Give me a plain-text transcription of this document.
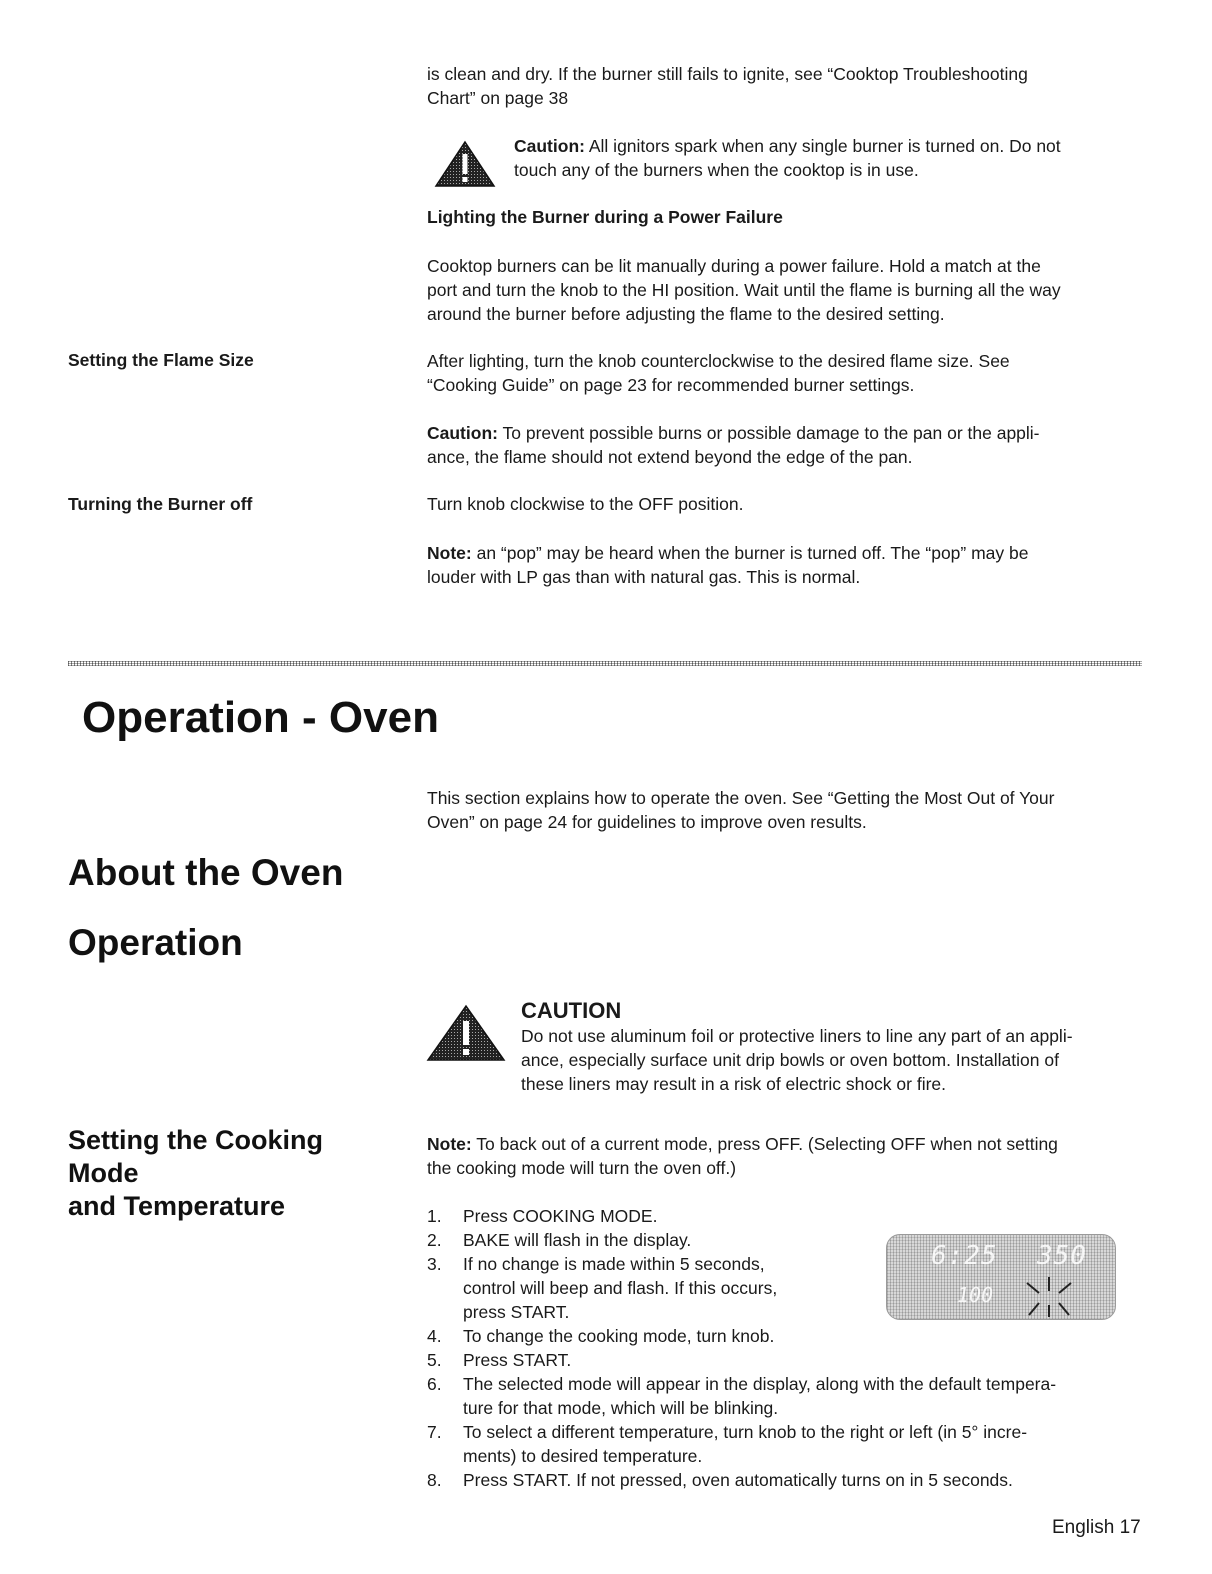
is clean and dry. If the burner still fails to ignite, see “Cooktop Troubleshooting
Chart” on page 38
Caution: All ignitors spark when any single burner is turned on. Do not
touch any of the burners when the cooktop is in use.
Lighting the Burner during a Power Failure
Cooktop burners can be lit manually during a power failure. Hold a match at the
port and turn the knob to the HI position. Wait until the flame is burning all the way
around the burner before adjusting the flame to the desired setting.
Setting the Flame Size	After lighting, turn the knob counterclockwise to the desired flame size. See
“Cooking Guide” on page 23 for recommended burner settings.
Caution: To prevent possible burns or possible damage to the pan or the appli-
ance, the flame should not extend beyond the edge of the pan.
Turning the Burner off	Turn knob clockwise to the OFF position.
Note: an “pop” may be heard when the burner is turned off. The “pop” may be
louder with LP gas than with natural gas. This is normal.
Operation - Oven
This section explains how to operate the oven. See “Getting the Most Out of Your
Oven” on page 24 for guidelines to improve oven results.
About the Oven
Operation
CAUTION
Do not use aluminum foil or protective liners to line any part of an appli-
ance, especially surface unit drip bowls or oven bottom. Installation of
these liners may result in a risk of electric shock or fire.
Setting the Cooking
Mode
and Temperature
Note: To back out of a current mode, press OFF. (Selecting OFF when not setting
the cooking mode will turn the oven off.)
1.	Press COOKING MODE.
2.	BAKE will flash in the display.
3.	If no change is made within 5 seconds,
control will beep and flash. If this occurs,
press START.
4.	To change the cooking mode, turn knob.
5.	Press START.
6.	The selected mode will appear in the display, along with the default tempera-
ture for that mode, which will be blinking.
7.	To select a different temperature, turn knob to the right or left (in 5° incre-
ments) to desired temperature.
8.	Press START. If not pressed, oven automatically turns on in 5 seconds.
6:25 350
100
English 17
